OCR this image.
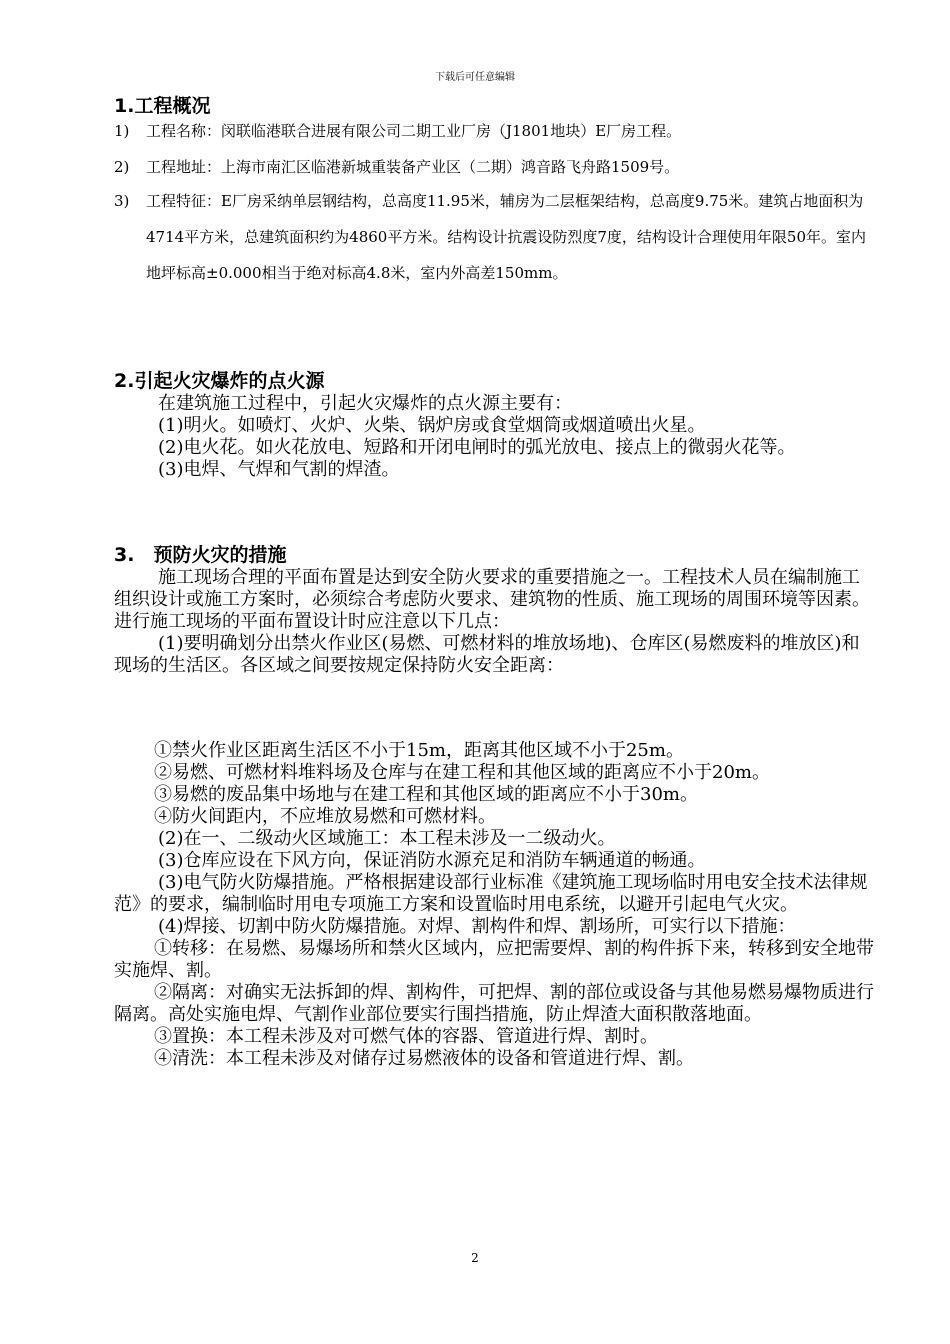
下载后可任意编辑
1.工程概况
1) 工程名称：闵联临港联合进展有限公司二期工业厂房（J1801地块）E厂房工程。
2) 工程地址：上海市南汇区临港新城重装备产业区（二期）鸿音路飞舟路1509号。
3) 工程特征：E厂房采纳单层钢结构，总高度11.95米，辅房为二层框架结构，总高度9.75米。建筑占地面积为4714平方米，总建筑面积约为4860平方米。结构设计抗震设防烈度7度，结构设计合理使用年限50年。室内地坪标高±0.000相当于绝对标高4.8米，室内外高差150mm。
2.引起火灾爆炸的点火源
在建筑施工过程中，引起火灾爆炸的点火源主要有：
(1)明火。如喷灯、火炉、火柴、锅炉房或食堂烟筒或烟道喷出火星。
(2)电火花。如火花放电、短路和开闭电闸时的弧光放电、接点上的微弱火花等。
(3)电焊、气焊和气割的焊渣。
3.　预防火灾的措施
施工现场合理的平面布置是达到安全防火要求的重要措施之一。工程技术人员在编制施工组织设计或施工方案时，必须综合考虑防火要求、建筑物的性质、施工现场的周围环境等因素。进行施工现场的平面布置设计时应注意以下几点：
(1)要明确划分出禁火作业区(易燃、可燃材料的堆放场地)、仓库区(易燃废料的堆放区)和现场的生活区。各区域之间要按规定保持防火安全距离：
①禁火作业区距离生活区不小于15m，距离其他区域不小于25m。
②易燃、可燃材料堆料场及仓库与在建工程和其他区域的距离应不小于20m。
③易燃的废品集中场地与在建工程和其他区域的距离应不小于30m。
④防火间距内，不应堆放易燃和可燃材料。
(2)在一、二级动火区域施工：本工程未涉及一二级动火。
(3)仓库应设在下风方向，保证消防水源充足和消防车辆通道的畅通。
(3)电气防火防爆措施。严格根据建设部行业标准《建筑施工现场临时用电安全技术法律规范》的要求，编制临时用电专项施工方案和设置临时用电系统，以避开引起电气火灾。
(4)焊接、切割中防火防爆措施。对焊、割构件和焊、割场所，可实行以下措施：
①转移：在易燃、易爆场所和禁火区域内，应把需要焊、割的构件拆下来，转移到安全地带实施焊、割。
②隔离：对确实无法拆卸的焊、割构件，可把焊、割的部位或设备与其他易燃易爆物质进行隔离。高处实施电焊、气割作业部位要实行围挡措施，防止焊渣大面积散落地面。
③置换：本工程未涉及对可燃气体的容器、管道进行焊、割时。
④清洗：本工程未涉及对储存过易燃液体的设备和管道进行焊、割。
2
